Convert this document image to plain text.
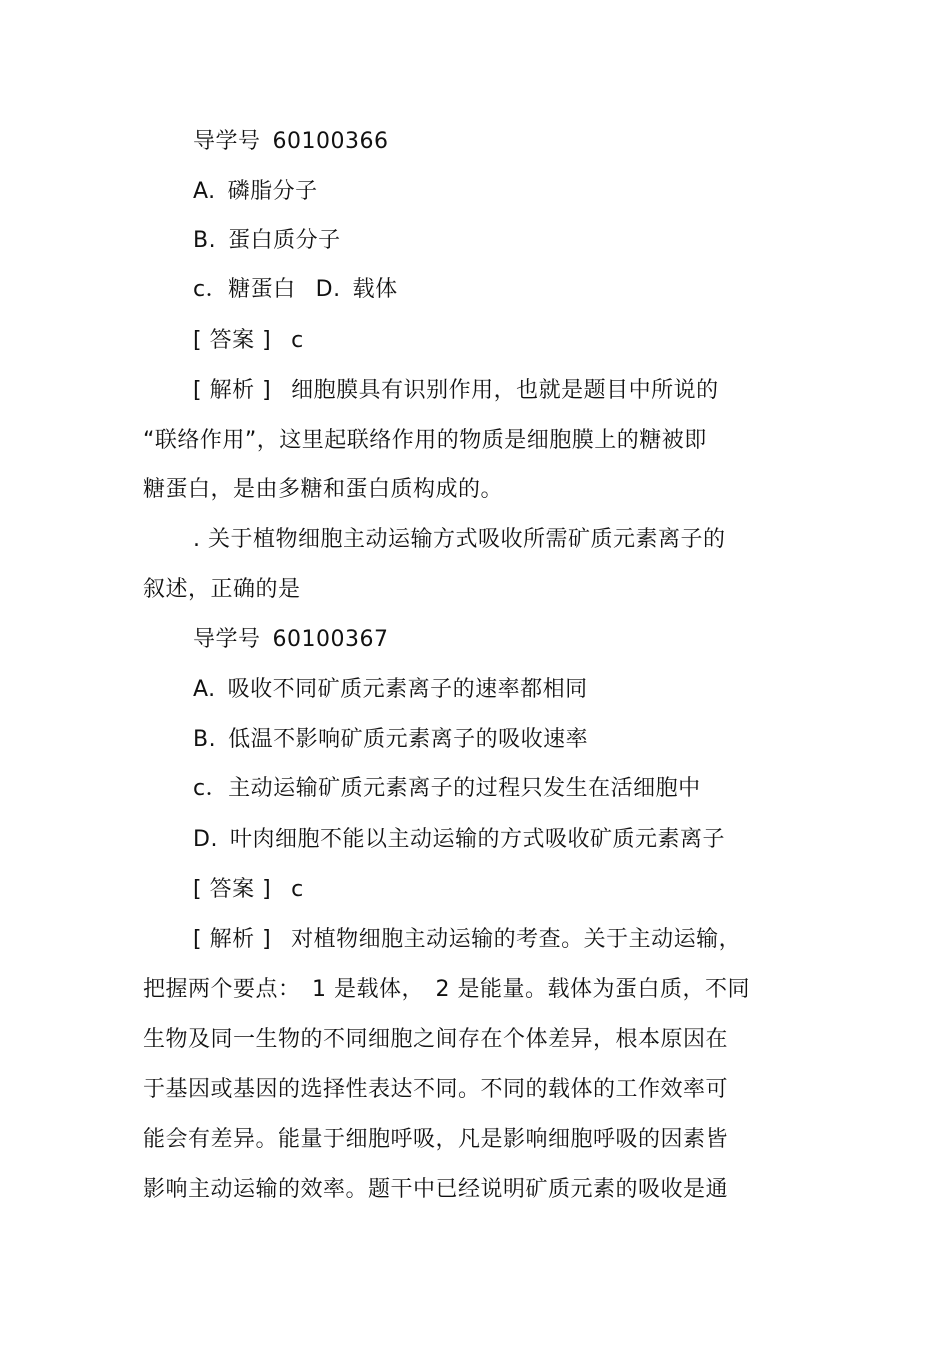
导学号 60100366
A. 磷脂分子
B. 蛋白质分子
c．糖蛋白 D. 载体
[ 答案 ] c
[ 解析 ] 细胞膜具有识别作用，也就是题目中所说的
“联络作用”，这里起联络作用的物质是细胞膜上的糖被即
糖蛋白，是由多糖和蛋白质构成的。
. 关于植物细胞主动运输方式吸收所需矿质元素离子的
叙述，正确的是
导学号 60100367
A. 吸收不同矿质元素离子的速率都相同
B. 低温不影响矿质元素离子的吸收速率
c．主动运输矿质元素离子的过程只发生在活细胞中
D. 叶肉细胞不能以主动运输的方式吸收矿质元素离子
[ 答案 ] c
[ 解析 ] 对植物细胞主动运输的考查。关于主动运输，
把握两个要点：　1 是载体，　2 是能量。载体为蛋白质，不同
生物及同一生物的不同细胞之间存在个体差异，根本原因在
于基因或基因的选择性表达不同。不同的载体的工作效率可
能会有差异。能量于细胞呼吸，凡是影响细胞呼吸的因素皆
影响主动运输的效率。题干中已经说明矿质元素的吸收是通
